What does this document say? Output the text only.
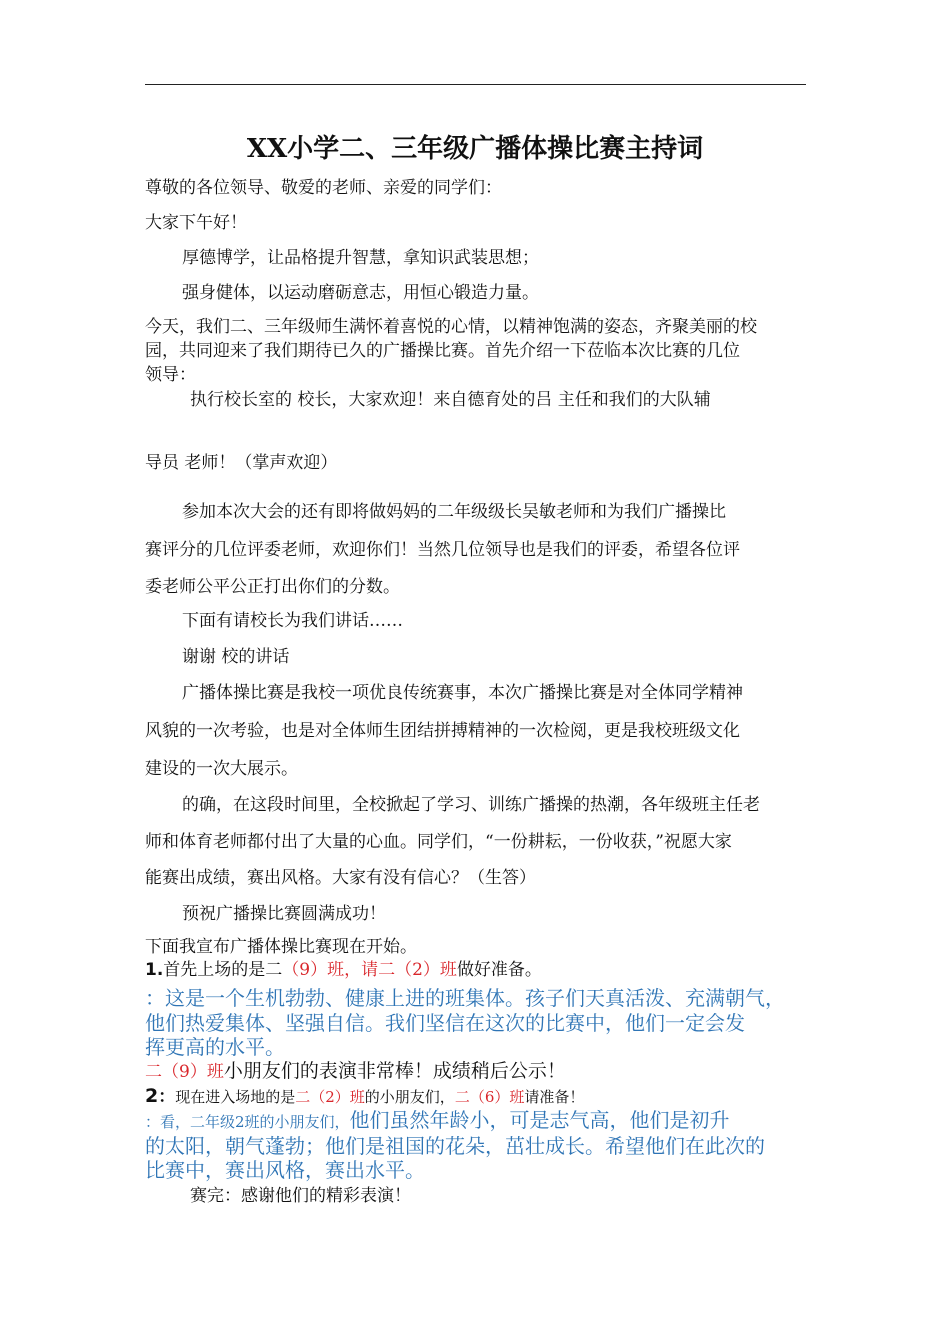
XX小学二、三年级广播体操比赛主持词
尊敬的各位领导、敬爱的老师、亲爱的同学们：
大家下午好！
厚德博学，让品格提升智慧，拿知识武装思想；
强身健体，以运动磨砺意志，用恒心锻造力量。
今天，我们二、三年级师生满怀着喜悦的心情，以精神饱满的姿态，齐聚美丽的校
园，共同迎来了我们期待已久的广播操比赛。首先介绍一下莅临本次比赛的几位
领导：
执行校长室的 校长，大家欢迎！来自德育处的吕 主任和我们的大队辅
导员 老师！（掌声欢迎）
参加本次大会的还有即将做妈妈的二年级级长吴敏老师和为我们广播操比
赛评分的几位评委老师，欢迎你们！当然几位领导也是我们的评委，希望各位评
委老师公平公正打出你们的分数。
下面有请校长为我们讲话……
谢谢 校的讲话
广播体操比赛是我校一项优良传统赛事，本次广播操比赛是对全体同学精神
风貌的一次考验，也是对全体师生团结拼搏精神的一次检阅，更是我校班级文化
建设的一次大展示。
的确，在这段时间里，全校掀起了学习、训练广播操的热潮，各年级班主任老
师和体育老师都付出了大量的心血。同学们，“一份耕耘，一份收获，”祝愿大家
能赛出成绩，赛出风格。大家有没有信心？（生答）
预祝广播操比赛圆满成功！
下面我宣布广播体操比赛现在开始。
1.首先上场的是二（9）班，请二（2）班做好准备。
：这是一个生机勃勃、健康上进的班集体。孩子们天真活泼、充满朝气，
他们热爱集体、坚强自信。我们坚信在这次的比赛中，他们一定会发
挥更高的水平。
二（9）班小朋友们的表演非常棒！成绩稍后公示！
2：现在进入场地的是二（2）班的小朋友们，二（6）班请准备！
：看，二年级2班的小朋友们，他们虽然年龄小，可是志气高，他们是初升
的太阳，朝气蓬勃；他们是祖国的花朵，茁壮成长。希望他们在此次的
比赛中，赛出风格，赛出水平。
赛完：感谢他们的精彩表演！
